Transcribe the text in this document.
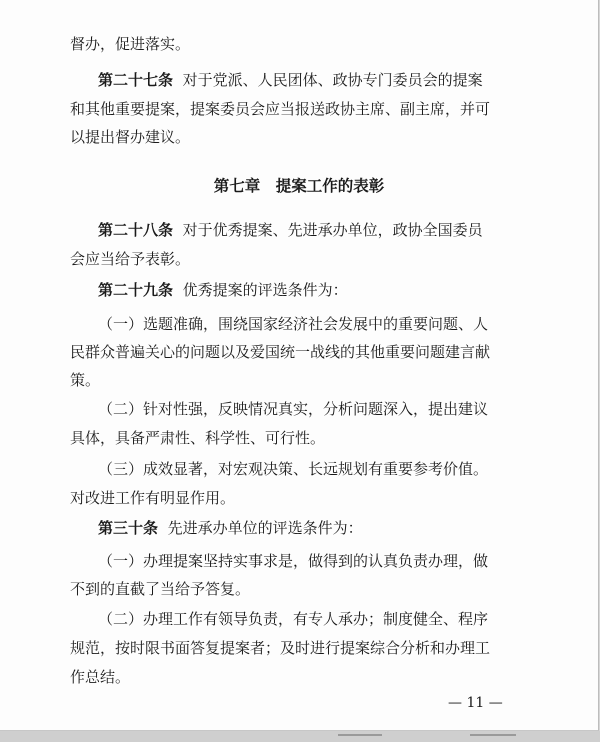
督办，促进落实。
第二十七条 对于党派、人民团体、政协专门委员会的提案
和其他重要提案，提案委员会应当报送政协主席、副主席，并可
以提出督办建议。
第七章　提案工作的表彰
第二十八条 对于优秀提案、先进承办单位，政协全国委员
会应当给予表彰。
第二十九条 优秀提案的评选条件为：
（一）选题准确，围绕国家经济社会发展中的重要问题、人
民群众普遍关心的问题以及爱国统一战线的其他重要问题建言献
策。
（二）针对性强，反映情况真实，分析问题深入，提出建议
具体，具备严肃性、科学性、可行性。
（三）成效显著，对宏观决策、长远规划有重要参考价值。
对改进工作有明显作用。
第三十条 先进承办单位的评选条件为：
（一）办理提案坚持实事求是，做得到的认真负责办理，做
不到的直截了当给予答复。
（二）办理工作有领导负责，有专人承办；制度健全、程序
规范，按时限书面答复提案者；及时进行提案综合分析和办理工
作总结。
— 11 —
